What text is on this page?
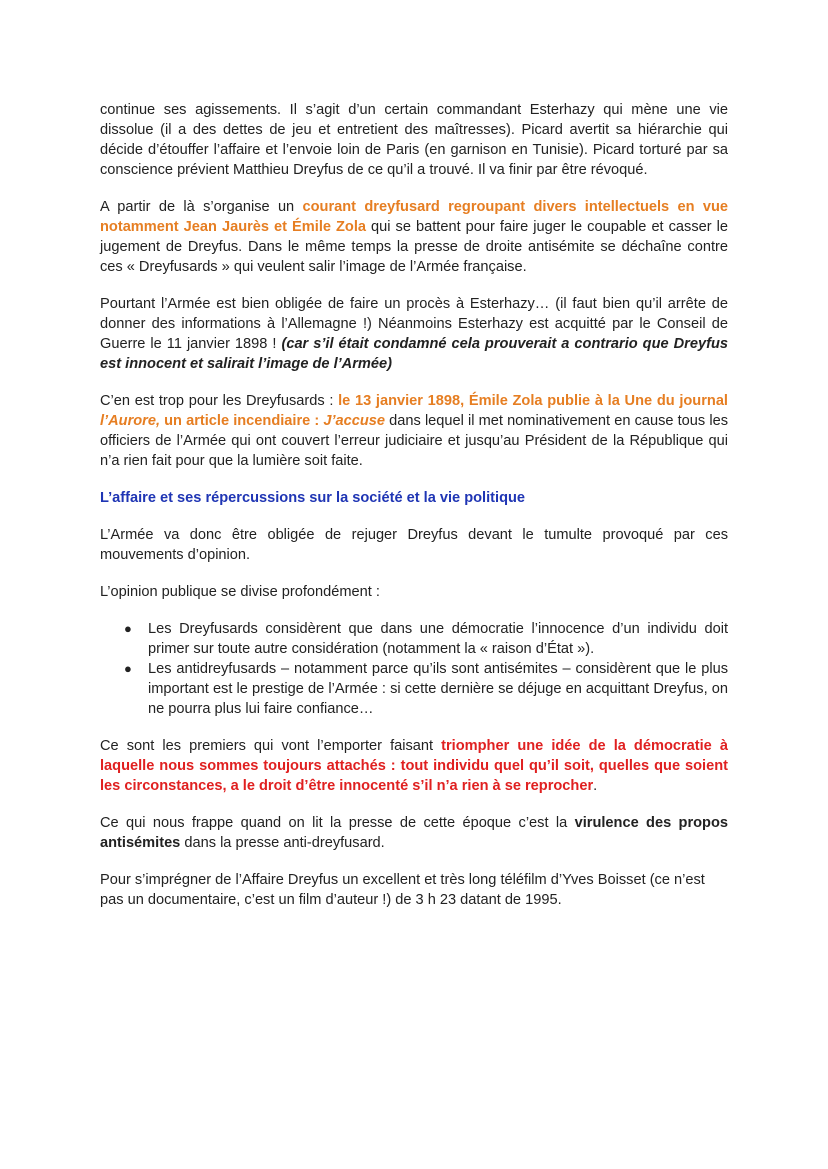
continue ses agissements. Il s’agit d’un certain commandant Esterhazy qui mène une vie dissolue (il a des dettes de jeu et entretient des maîtresses). Picard avertit sa hiérarchie qui décide d’étouffer l’affaire et l’envoie loin de Paris (en garnison en Tunisie). Picard torturé par sa conscience prévient Matthieu Dreyfus de ce qu’il a trouvé. Il va finir par être révoqué.

A partir de là s’organise un courant dreyfusard regroupant divers intellectuels en vue notamment Jean Jaurès et Émile Zola qui se battent pour faire juger le coupable et casser le jugement de Dreyfus. Dans le même temps la presse de droite antisémite se déchaîne contre ces « Dreyfusards » qui veulent salir l’image de l’Armée française.

Pourtant l’Armée est bien obligée de faire un procès à Esterhazy… (il faut bien qu’il arrête de donner des informations à l’Allemagne !) Néanmoins Esterhazy est acquitté par le Conseil de Guerre le 11 janvier 1898 ! (car s’il était condamné cela prouverait a contrario que Dreyfus est innocent et salirait l’image de l’Armée)

C’en est trop pour les Dreyfusards : le 13 janvier 1898, Émile Zola publie à la Une du journal l’Aurore, un article incendiaire : J’accuse dans lequel il met nominativement en cause tous les officiers de l’Armée qui ont couvert l’erreur judiciaire et jusqu’au Président de la République qui n’a rien fait pour que la lumière soit faite.

L’affaire et ses répercussions sur la société et la vie politique

L’Armée va donc être obligée de rejuger Dreyfus devant le tumulte provoqué par ces mouvements d’opinion.

L’opinion publique se divise profondément :

● Les Dreyfusards considèrent que dans une démocratie l’innocence d’un individu doit primer sur toute autre considération (notamment la « raison d’État »).
● Les antidreyfusards – notamment parce qu’ils sont antisémites – considèrent que le plus important est le prestige de l’Armée : si cette dernière se déjuge en acquittant Dreyfus, on ne pourra plus lui faire confiance…

Ce sont les premiers qui vont l’emporter faisant triompher une idée de la démocratie à laquelle nous sommes toujours attachés : tout individu quel qu’il soit, quelles que soient les circonstances, a le droit d’être innocenté s’il n’a rien à se reprocher.

Ce qui nous frappe quand on lit la presse de cette époque c’est la virulence des propos antisémites dans la presse anti-dreyfusard.

Pour s’imprégner de l’Affaire Dreyfus un excellent et très long téléfilm d’Yves Boisset (ce n’est pas un documentaire, c’est un film d’auteur !) de 3 h 23 datant de 1995.
